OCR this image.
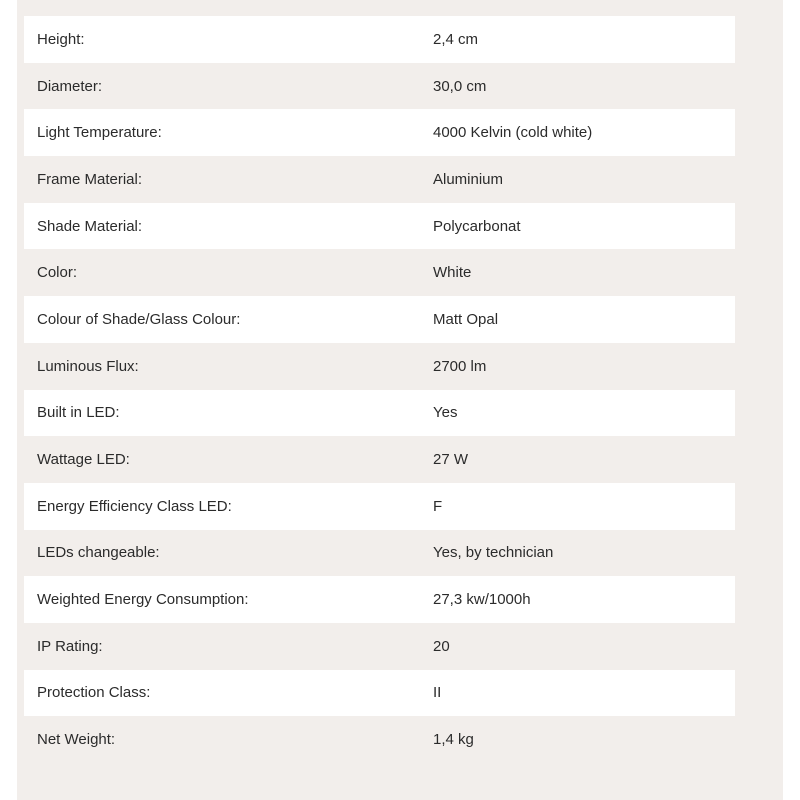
Height:	2,4 cm
Diameter:	30,0 cm
Light Temperature:	4000 Kelvin (cold white)
Frame Material:	Aluminium
Shade Material:	Polycarbonat
Color:	White
Colour of Shade/Glass Colour:	Matt Opal
Luminous Flux:	2700 lm
Built in LED:	Yes
Wattage LED:	27 W
Energy Efficiency Class LED:	F
LEDs changeable:	Yes, by technician
Weighted Energy Consumption:	27,3 kw/1000h
IP Rating:	20
Protection Class:	II
Net Weight:	1,4 kg
